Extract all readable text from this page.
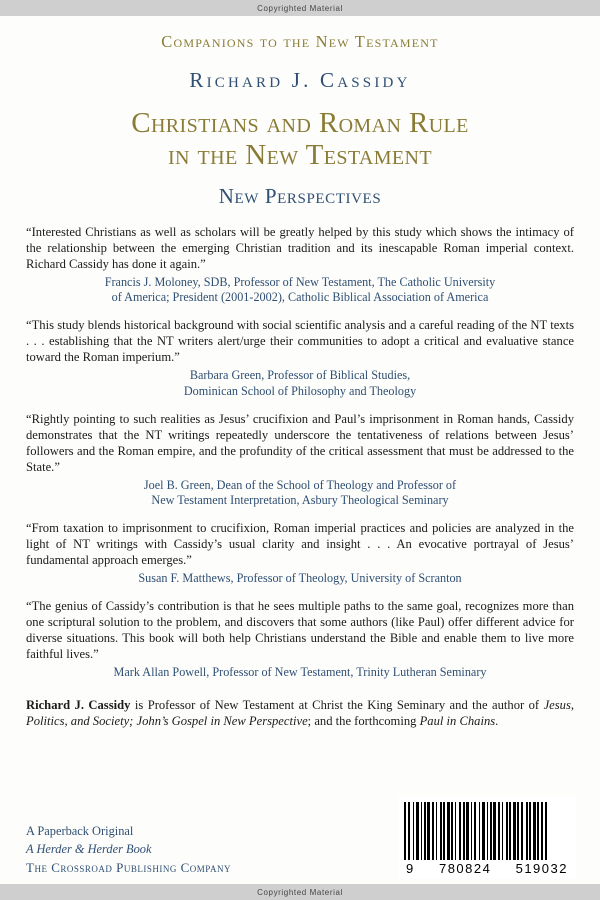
Copyrighted Material
Companions to the New Testament
Richard J. Cassidy
Christians and Roman Rule
in the New Testament
New Perspectives

“Interested Christians as well as scholars will be greatly helped by this study which shows the intimacy of the relationship between the emerging Christian tradition and its inescapable Roman imperial context. Richard Cassidy has done it again.”

Francis J. Moloney, SDB, Professor of New Testament, The Catholic University
of America; President (2001‑2002), Catholic Biblical Association of America

“This study blends historical background with social scientific analysis and a careful reading of the NT texts . . . establishing that the NT writers alert/urge their communities to adopt a critical and evaluative stance toward the Roman imperium.”

Barbara Green, Professor of Biblical Studies,
Dominican School of Philosophy and Theology

“Rightly pointing to such realities as Jesus’ crucifixion and Paul’s imprisonment in Roman hands, Cassidy demonstrates that the NT writings repeatedly underscore the tentativeness of relations between Jesus’ followers and the Roman empire, and the profundity of the critical assessment that must be addressed to the State.”

Joel B. Green, Dean of the School of Theology and Professor of
New Testament Interpretation, Asbury Theological Seminary

“From taxation to imprisonment to crucifixion, Roman imperial practices and policies are analyzed in the light of NT writings with Cassidy’s usual clarity and insight . . . An evocative portrayal of Jesus’ fundamental approach emerges.”

Susan F. Matthews, Professor of Theology, University of Scranton

“The genius of Cassidy’s contribution is that he sees multiple paths to the same goal, recognizes more than one scriptural solution to the problem, and discovers that some authors (like Paul) offer different advice for diverse situations. This book will both help Christians understand the Bible and enable them to live more faithful lives.”

Mark Allan Powell, Professor of New Testament, Trinity Lutheran Seminary

Richard J. Cassidy is Professor of New Testament at Christ the King Seminary and the author of Jesus, Politics, and Society; John’s Gospel in New Perspective; and the forthcoming Paul in Chains.
A Paperback Original
A Herder & Herder Book
The Crossroad Publishing Company	9 780824 519032
Copyrighted Material
